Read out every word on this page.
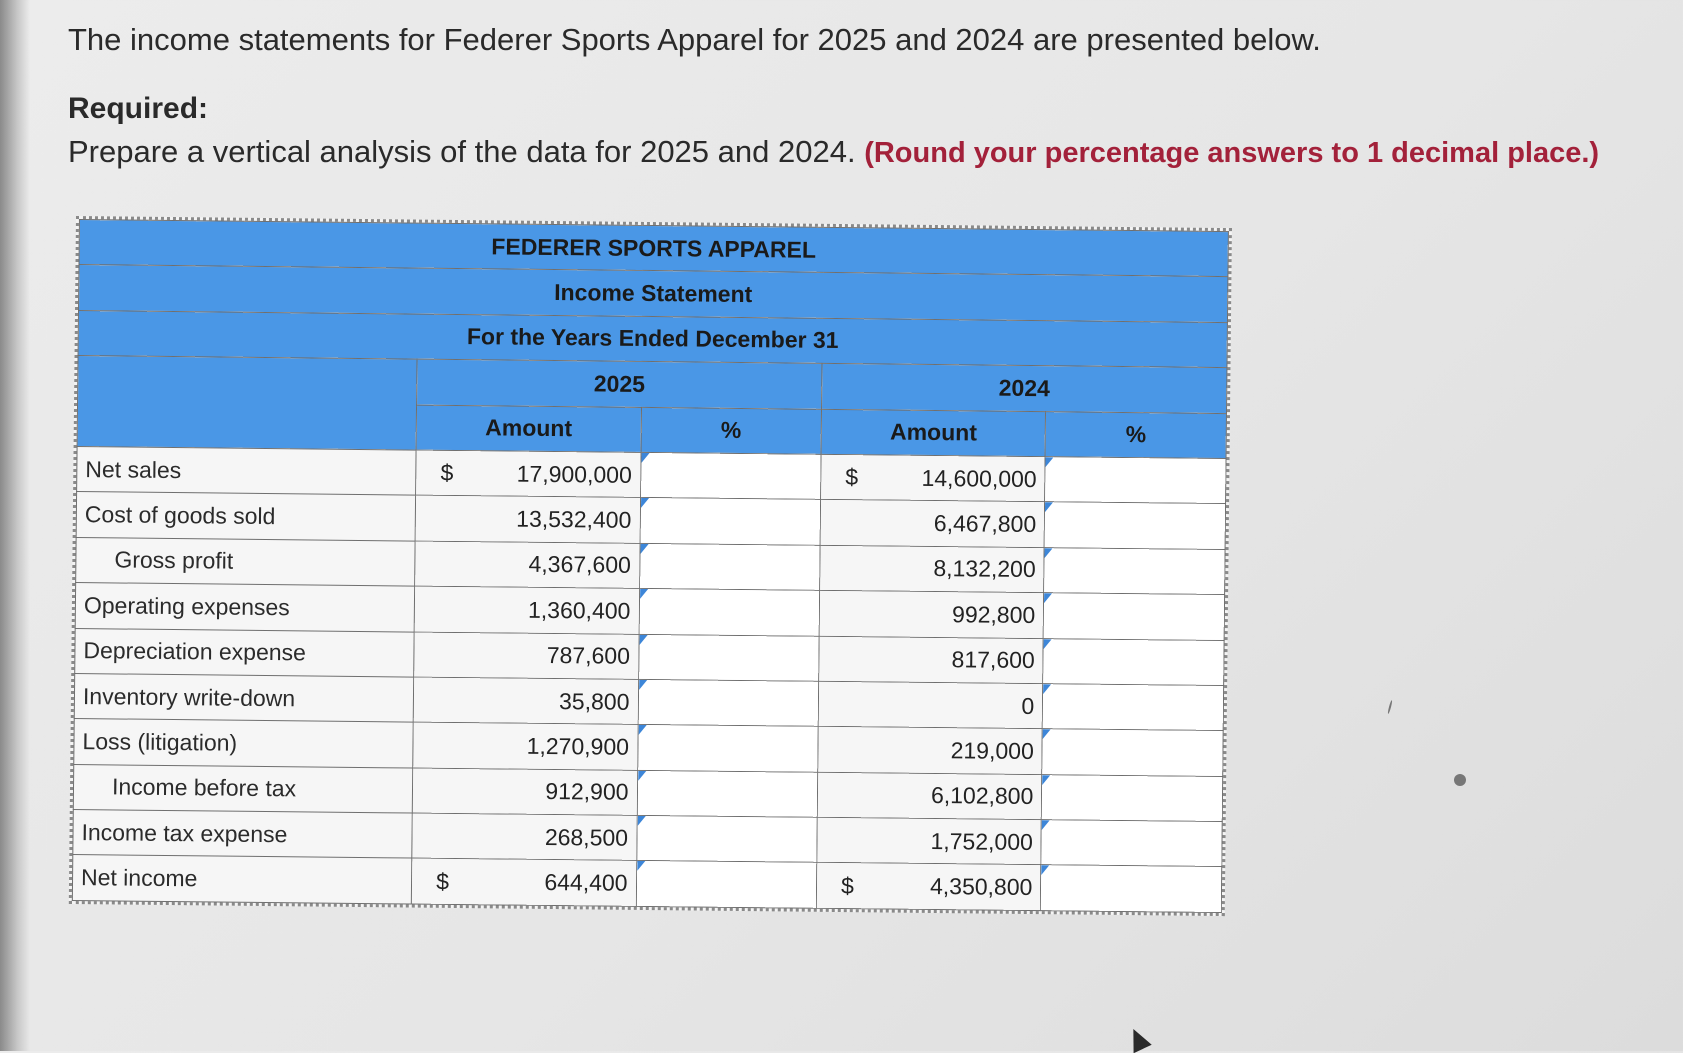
The income statements for Federer Sports Apparel for 2025 and 2024 are presented below.
Required:
Prepare a vertical analysis of the data for 2025 and 2024. (Round your percentage answers to 1 decimal place.)
FEDERER SPORTS APPAREL				
Income Statement				
For the Years Ended December 31				
	2025		2024	
	Amount	%	Amount	%
Net sales	$ 17,900,000		$ 14,600,000	
Cost of goods sold	13,532,400		6,467,800	
Gross profit	4,367,600		8,132,200	
Operating expenses	1,360,400		992,800	
Depreciation expense	787,600		817,600	
Inventory write-down	35,800		0	
Loss (litigation)	1,270,900		219,000	
Income before tax	912,900		6,102,800	
Income tax expense	268,500		1,752,000	
Net income	$ 644,400		$ 4,350,800	
